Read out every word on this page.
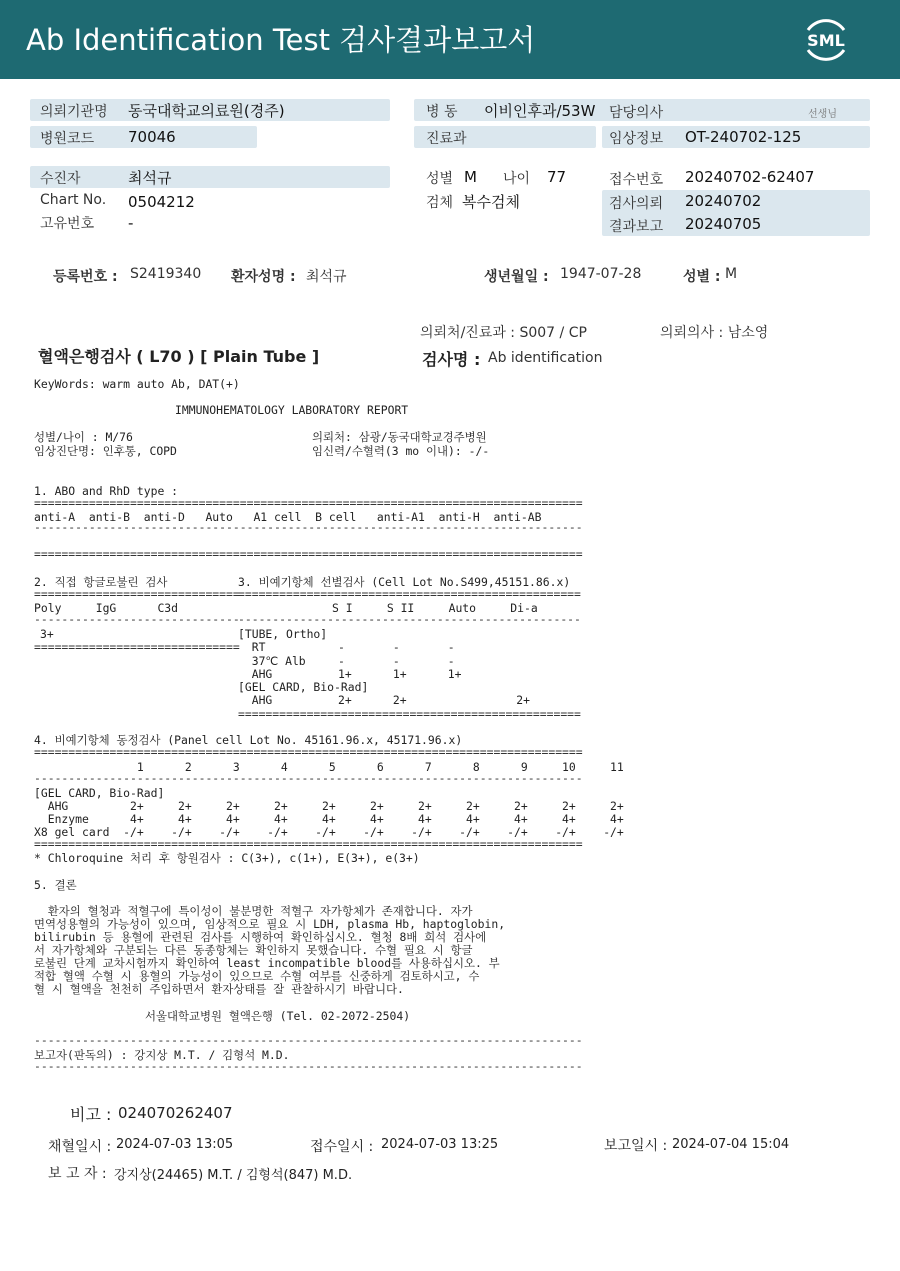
Ab Identification Test 검사결과보고서	SML
의뢰기관명 동국대학교의료원(경주)	병 동 이비인후과/53W 담당의사	선생님
병원코드 70046	진료과	임상정보 OT-240702-125
수진자	최석규	성별 M 나이 77	접수번호 20240702-62407
Chart No. 0504212	검체 복수검체	검사의뢰 20240702
고유번호 -	결과보고 20240705
등록번호 : S2419340 환자성명 : 최석규	생년월일 : 1947-07-28	성별 : M
의뢰처/진료과 : S007 / CP	의뢰의사 : 남소영
혈액은행검사 ( L70 ) [ Plain Tube ]	검사명 : Ab identification
KeyWords: warm auto Ab, DAT(+)
IMMUNOHEMATOLOGY LABORATORY REPORT
성별/나이 : M/76	의뢰처: 삼광/동국대학교경주병원
임상진단명: 인후통, COPD	임신력/수혈력(3 mo 이내): -/-
1. ABO and RhD type :
================================================================================
anti-A  anti-B  anti-D   Auto   A1 cell  B cell   anti-A1  anti-H  anti-AB
--------------------------------------------------------------------------------
================================================================================
2. 직접 항글로불린 검사	3. 비예기항체 선별검사 (Cell Lot No.S499,45151.86.x)
==============================
==================================================
Poly     IgG      C3d	S I     S II     Auto     Di-a
------------------------------
--------------------------------------------------
3+
==============================
[TUBE, Ortho]
RT	-       -       -
37℃ Alb	-       -       -
AHG	1+      1+      1+
[GEL CARD, Bio-Rad]
AHG	2+      2+                2+
==================================================
4. 비예기항체 동정검사 (Panel cell Lot No. 45161.96.x, 45171.96.x)
================================================================================
1      2      3      4      5      6      7      8      9     10     11
--------------------------------------------------------------------------------
[GEL CARD, Bio-Rad]
AHG         2+     2+     2+     2+     2+     2+     2+     2+     2+     2+     2+
Enzyme      4+     4+     4+     4+     4+     4+     4+     4+     4+     4+     4+
X8 gel card  -/+    -/+    -/+    -/+    -/+    -/+    -/+    -/+    -/+    -/+    -/+
================================================================================
* Chloroquine 처리 후 항원검사 : C(3+), c(1+), E(3+), e(3+)
5. 결론
환자의 혈청과 적혈구에 특이성이 불분명한 적혈구 자가항체가 존재합니다. 자가
면역성용혈의 가능성이 있으며, 임상적으로 필요 시 LDH, plasma Hb, haptoglobin,
bilirubin 등 용혈에 관련된 검사를 시행하여 확인하십시오. 혈청 8배 희석 검사에
서 자가항체와 구분되는 다른 동종항체는 확인하지 못했습니다. 수혈 필요 시 항글
로불린 단계 교차시험까지 확인하여 least incompatible blood를 사용하십시오. 부
적합 혈액 수혈 시 용혈의 가능성이 있으므로 수혈 여부를 신중하게 검토하시고, 수
혈 시 혈액을 천천히 주입하면서 환자상태를 잘 관찰하시기 바랍니다.
서울대학교병원 혈액은행 (Tel. 02-2072-2504)
--------------------------------------------------------------------------------
보고자(판독의) : 강지상 M.T. / 김형석 M.D.
--------------------------------------------------------------------------------
비고 : 024070262407
채혈일시 : 2024-07-03 13:05	접수일시 : 2024-07-03 13:25	보고일시 : 2024-07-04 15:04
보 고 자 : 강지상(24465) M.T. / 김형석(847) M.D.
